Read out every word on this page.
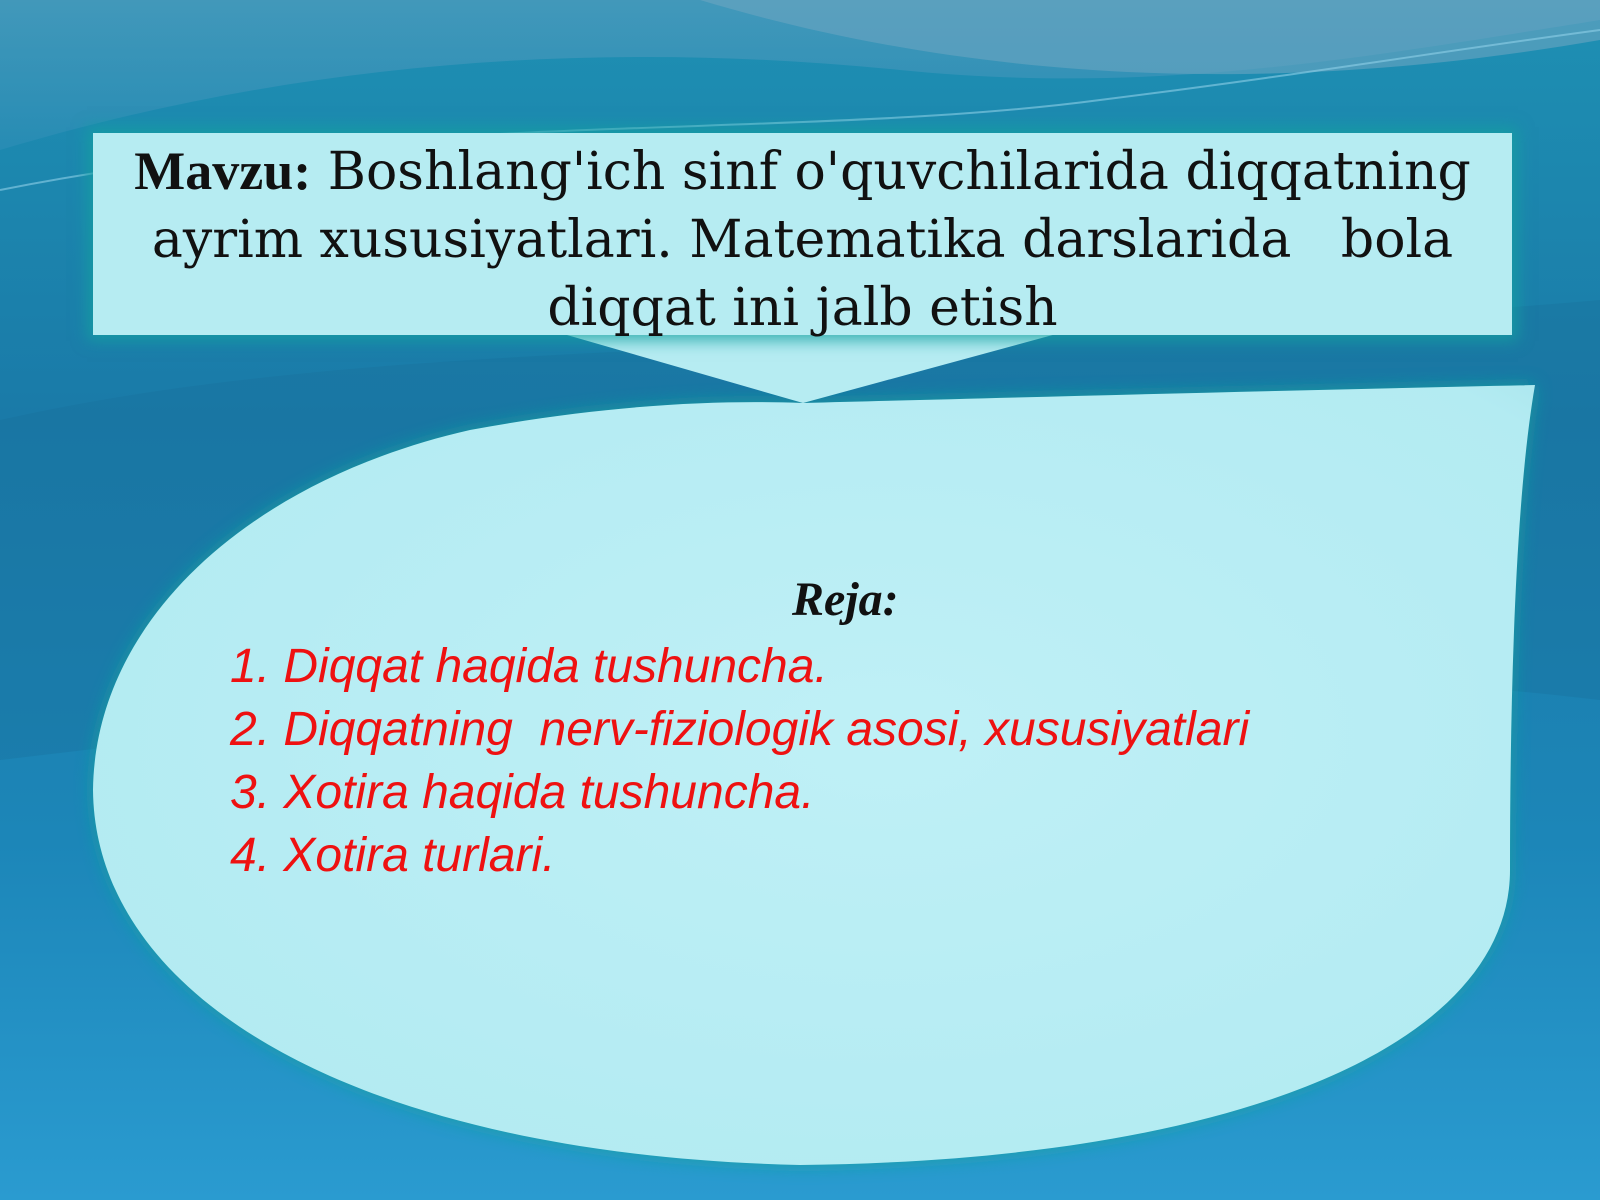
Mavzu: Boshlang'ich sinf o'quvchilarida diqqatning  ayrim xususiyatlari. Matematika darslarida   bola diqqat ini jalb etish
Reja:
1. Diqqat haqida tushuncha.
2. Diqqatning  nerv-fiziologik asosi, xususiyatlari
3. Xotira haqida tushuncha.
4. Xotira turlari.
